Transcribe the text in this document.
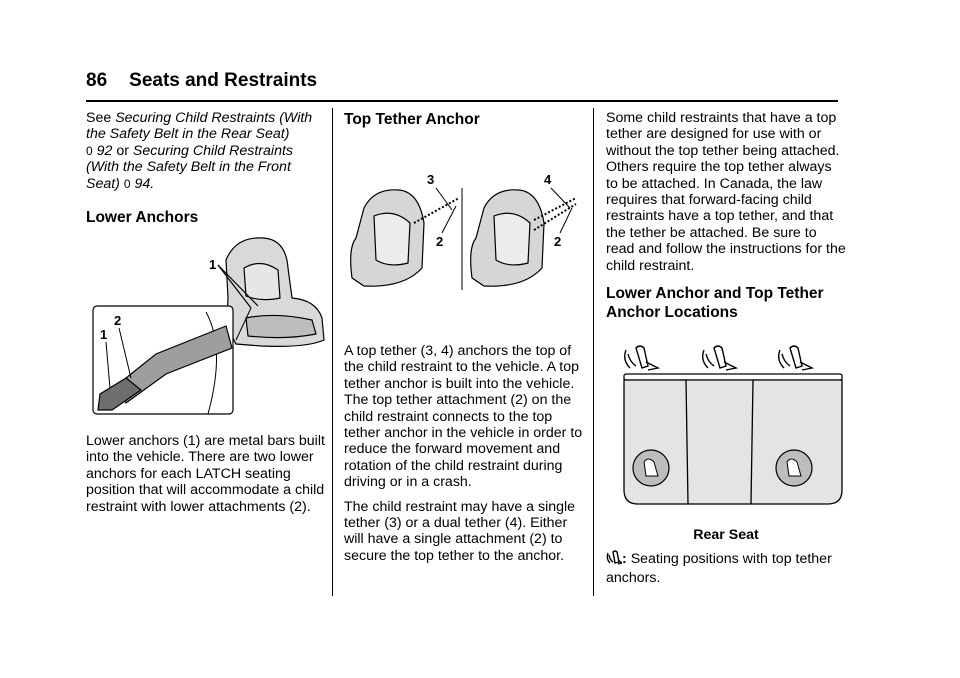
86 Seats and Restraints

See Securing Child Restraints (With the Safety Belt in the Rear Seat)
0 92 or Securing Child Restraints (With the Safety Belt in the Front Seat) 0 94.

Lower Anchors
1
2
1

Lower anchors (1) are metal bars built into the vehicle. There are two lower anchors for each LATCH seating position that will accommodate a child restraint with lower attachments (2).

Top Tether Anchor
3
2
4
2

A top tether (3, 4) anchors the top of the child restraint to the vehicle. A top tether anchor is built into the vehicle. The top tether attachment (2) on the child restraint connects to the top tether anchor in the vehicle in order to reduce the forward movement and rotation of the child restraint during driving or in a crash.

The child restraint may have a single tether (3) or a dual tether (4). Either will have a single attachment (2) to secure the top tether to the anchor.

Some child restraints that have a top tether are designed for use with or without the top tether being attached. Others require the top tether always to be attached. In Canada, the law requires that forward-facing child restraints have a top tether, and that the tether be attached. Be sure to read and follow the instructions for the child restraint.

Lower Anchor and Top Tether Anchor Locations
Rear Seat
: Seating positions with top tether anchors.
